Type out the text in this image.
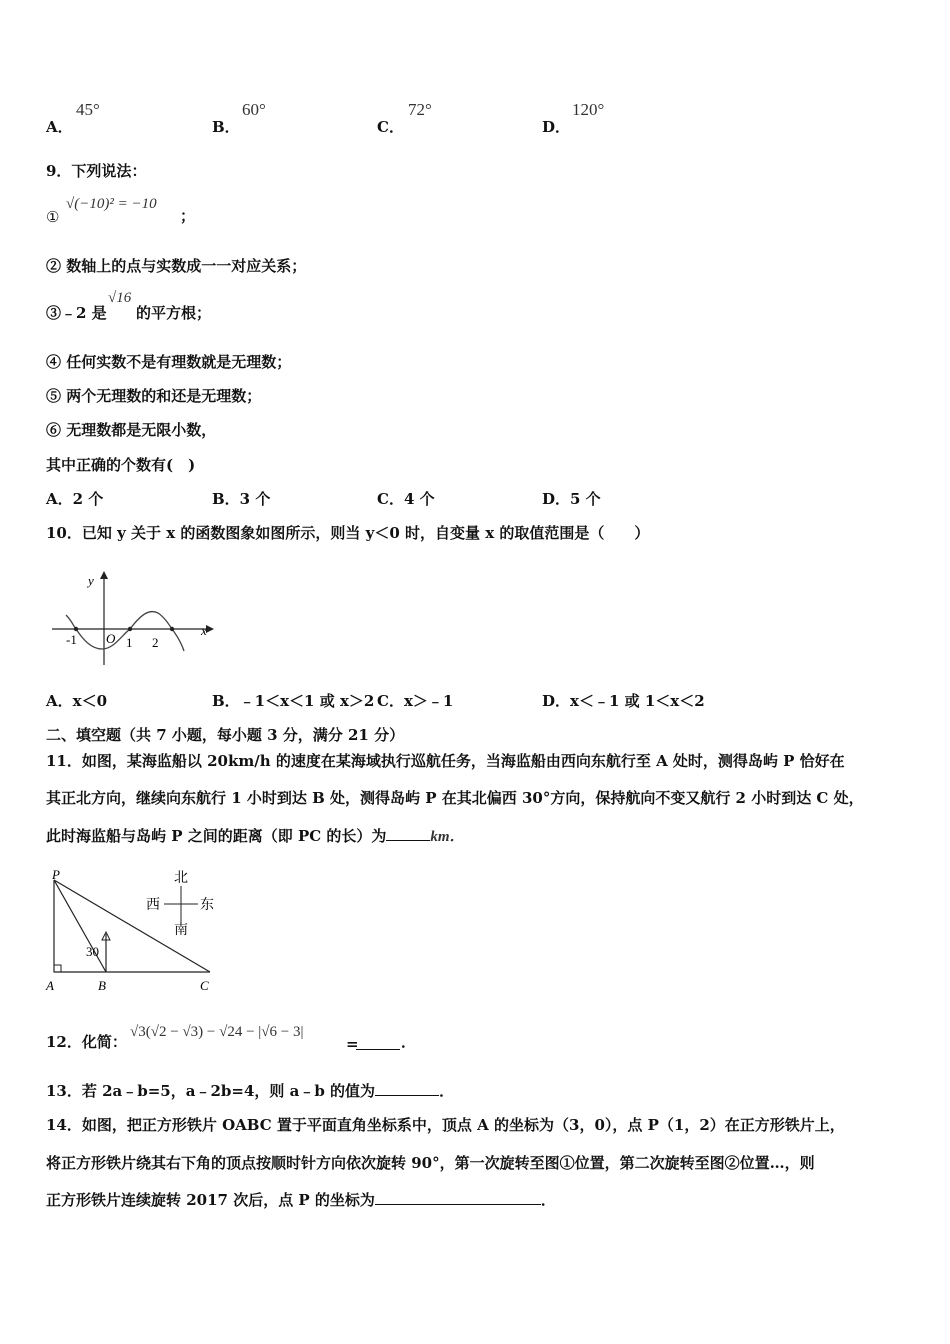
A．
45°
B．
60°
C．
72°
D．
120°
9．下列说法：
①
√(−10)² = −10
；
② 数轴上的点与实数成一一对应关系；
③﹣2 是
√16
的平方根；
④ 任何实数不是有理数就是无理数；
⑤ 两个无理数的和还是无理数；
⑥ 无理数都是无限小数，
其中正确的个数有(　)
A．2 个	B．3 个	C．4 个	D．5 个
10．已知 y 关于 x 的函数图象如图所示，则当 y＜0 时，自变量 x 的取值范围是（　　）
y
x
O
-1	1 2
A．x＜0	B．﹣1＜x＜1 或 x＞2 C．x＞﹣1	D．x＜﹣1 或 1＜x＜2
二、填空题（共 7 小题，每小题 3 分，满分 21 分）
11．如图，某海监船以 20km/h 的速度在某海域执行巡航任务，当海监船由西向东航行至 A 处时，测得岛屿 P 恰好在
其正北方向，继续向东航行 1 小时到达 B 处，测得岛屿 P 在其北偏西 30°方向，保持航向不变又航行 2 小时到达 C 处，
此时海监船与岛屿 P 之间的距离（即 PC 的长）为	km．
P
A	B	C
30
北
南
西	东
12．化简：
√3(√2 − √3) − √24 − |√6 − 3|
=	．
13．若 2a﹣b=5，a﹣2b=4，则 a﹣b 的值为	．
14．如图，把正方形铁片 OABC 置于平面直角坐标系中，顶点 A 的坐标为（3，0），点 P（1，2）在正方形铁片上，
将正方形铁片绕其右下角的顶点按顺时针方向依次旋转 90°，第一次旋转至图①位置，第二次旋转至图②位置…，则
正方形铁片连续旋转 2017 次后，点 P 的坐标为	．
